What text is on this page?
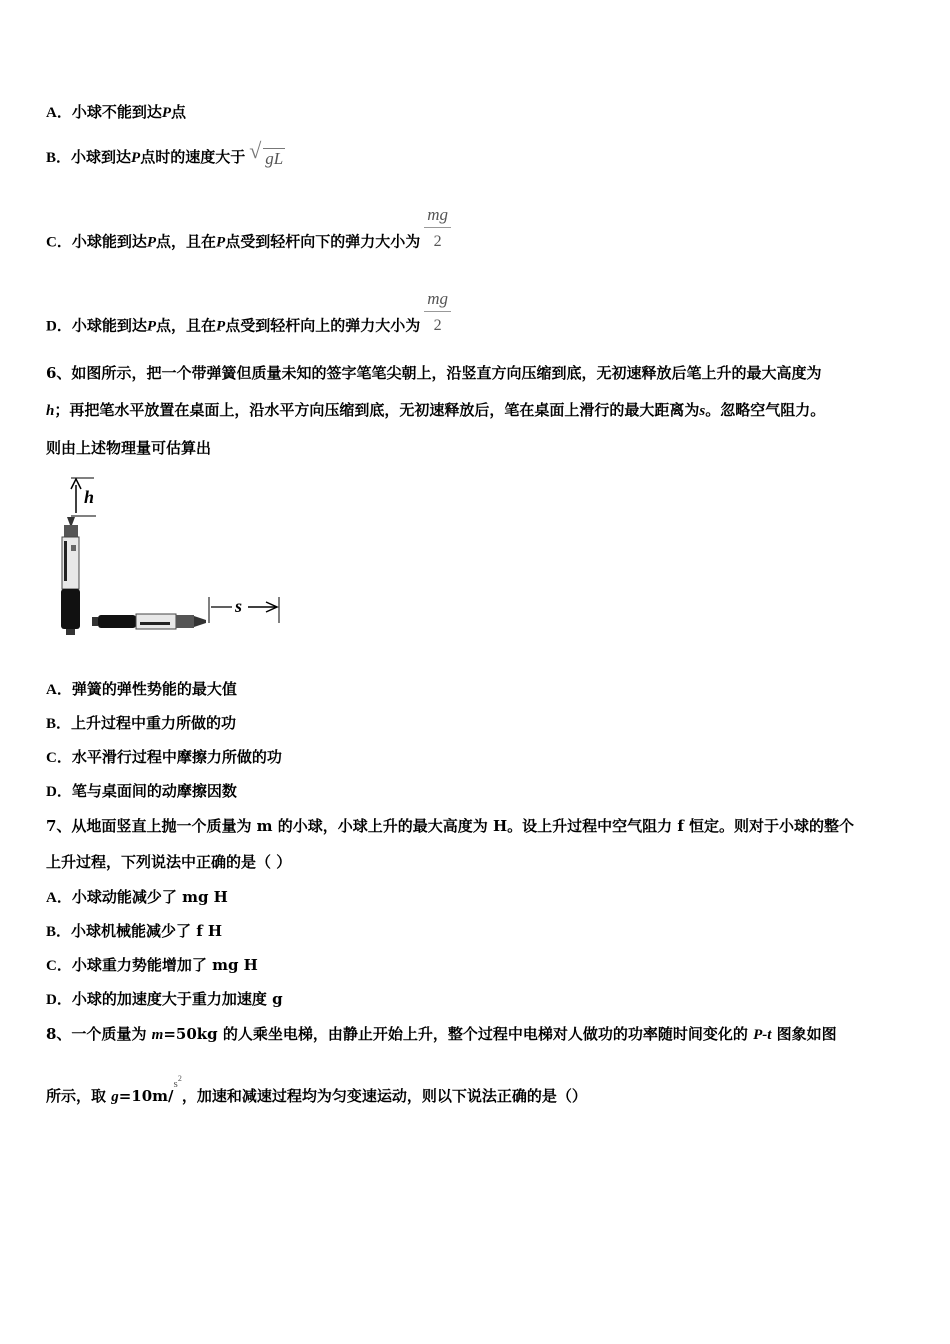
A．小球不能到达P点
B．小球到达P点时的速度大于 √ gL
C．小球能到达P点，且在P点受到轻杆向下的弹力大小为 $\frac{mg}{2}$
D．小球能到达P点，且在P点受到轻杆向上的弹力大小为 $\frac{mg}{2}$
6、如图所示，把一个带弹簧但质量未知的签字笔笔尖朝上，沿竖直方向压缩到底，无初速释放后笔上升的最大高度为
h；再把笔水平放置在桌面上，沿水平方向压缩到底，无初速释放后，笔在桌面上滑行的最大距离为s。忽略空气阻力。
则由上述物理量可估算出
h
s
A．弹簧的弹性势能的最大值
B．上升过程中重力所做的功
C．水平滑行过程中摩擦力所做的功
D．笔与桌面间的动摩擦因数
7、从地面竖直上抛一个质量为 m 的小球，小球上升的最大高度为 H。设上升过程中空气阻力 f 恒定。则对于小球的整个
上升过程，下列说法中正确的是（ ）
A．小球动能减少了 mg H
B．小球机械能减少了 f H
C．小球重力势能增加了 mg H
D．小球的加速度大于重力加速度 g
8、一个质量为 m=50kg 的人乘坐电梯，由静止开始上升，整个过程中电梯对人做功的功率随时间变化的 P-t 图象如图
所示，取 g=10m/$^{s^2}$，加速和减速过程均为匀变速运动，则以下说法正确的是（）
